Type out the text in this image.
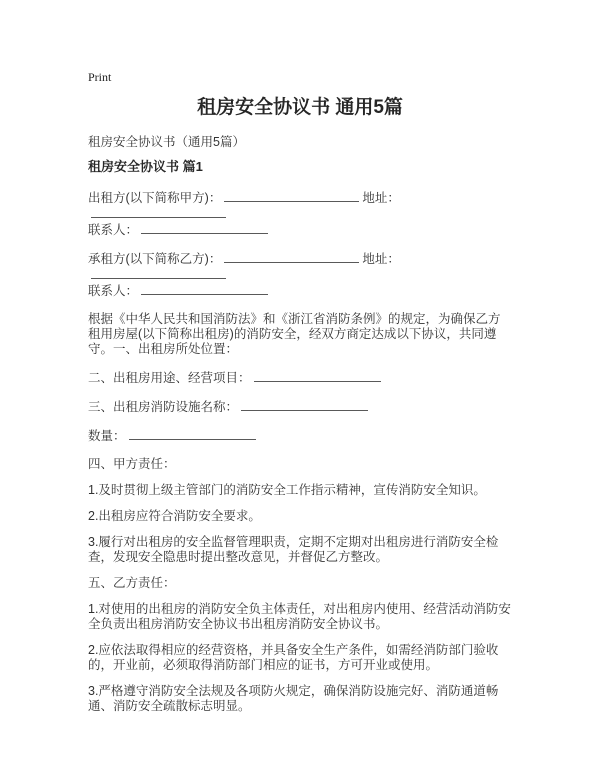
Print
租房安全协议书 通用5篇

租房安全协议书（通用5篇）

租房安全协议书 篇1

出租方(以下简称甲方)：	地址：
联系人：

承租方(以下简称乙方)：	地址：
联系人：

根据《中华人民共和国消防法》和《浙江省消防条例》的规定，为确保乙方租用房屋(以下简称出租房)的消防安全，经双方商定达成以下协议，共同遵守。一、出租房所处位置：

二、出租房用途、经营项目：

三、出租房消防设施名称：

数量：

四、甲方责任：

1.及时贯彻上级主管部门的消防安全工作指示精神，宣传消防安全知识。

2.出租房应符合消防安全要求。

3.履行对出租房的安全监督管理职责，定期不定期对出租房进行消防安全检查，发现安全隐患时提出整改意见，并督促乙方整改。

五、乙方责任：

1.对使用的出租房的消防安全负主体责任，对出租房内使用、经营活动消防安全负责出租房消防安全协议书出租房消防安全协议书。

2.应依法取得相应的经营资格，并具备安全生产条件，如需经消防部门验收的，开业前，必须取得消防部门相应的证书，方可开业或使用。

3.严格遵守消防安全法规及各项防火规定，确保消防设施完好、消防通道畅通、消防安全疏散标志明显。
